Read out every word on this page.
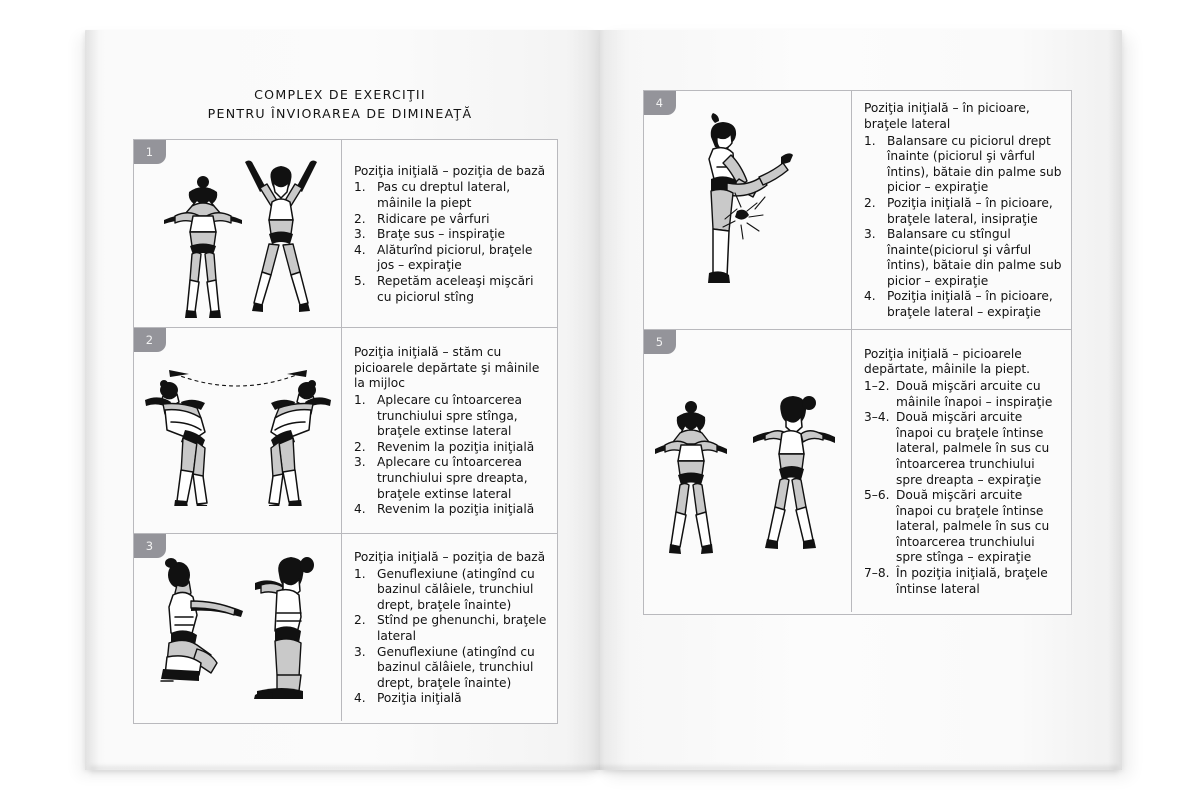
COMPLEX DE EXERCIŢII
PENTRU ÎNVIORAREA DE DIMINEAŢĂ
1

Poziţia iniţială – poziţia de bază

1. Pas cu dreptul lateral, mâinile la piept
2. Ridicare pe vârfuri
3. Braţe sus – inspiraţie
4. Alăturînd piciorul, braţele jos – expiraţie
5. Repetăm aceleaşi mişcări cu piciorul stîng
2

Poziţia iniţială – stăm cu picioarele depărtate şi mâinile la mijloc

1. Aplecare cu întoarcerea trunchiului spre stînga, braţele extinse lateral
2. Revenim la poziţia iniţială
3. Aplecare cu întoarcerea trunchiului spre dreapta, braţele extinse lateral
4. Revenim la poziţia iniţială
3

Poziţia iniţială – poziţia de bază

1. Genuflexiune (atingînd cu bazinul călâiele, trunchiul drept, braţele înainte)
2. Stînd pe ghenunchi, braţele lateral
3. Genuflexiune (atingînd cu bazinul călâiele, trunchiul drept, braţele înainte)
4. Poziţia iniţială
4	Poziţia iniţială – în picioare, braţele lateral

1. Balansare cu piciorul drept înainte (piciorul şi vârful întins), bătaie din palme sub picior – expiraţie
2. Poziţia iniţială – în picioare, braţele lateral, insipraţie
3. Balansare cu stîngul înainte(piciorul şi vârful întins), bătaie din palme sub picior – expiraţie
4. Poziţia iniţială – în picioare, braţele lateral – expiraţie
5

Poziţia iniţială – picioarele depărtate, mâinile la piept.

1–2. Două mişcări arcuite cu mâinile înapoi – inspiraţie
3–4. Două mişcări arcuite înapoi cu braţele întinse lateral, palmele în sus cu întoarcerea trunchiului spre dreapta – expiraţie
5–6. Două mişcări arcuite înapoi cu braţele întinse lateral, palmele în sus cu întoarcerea trunchiului spre stînga – expiraţie
7–8. În poziţia iniţială, braţele întinse lateral
